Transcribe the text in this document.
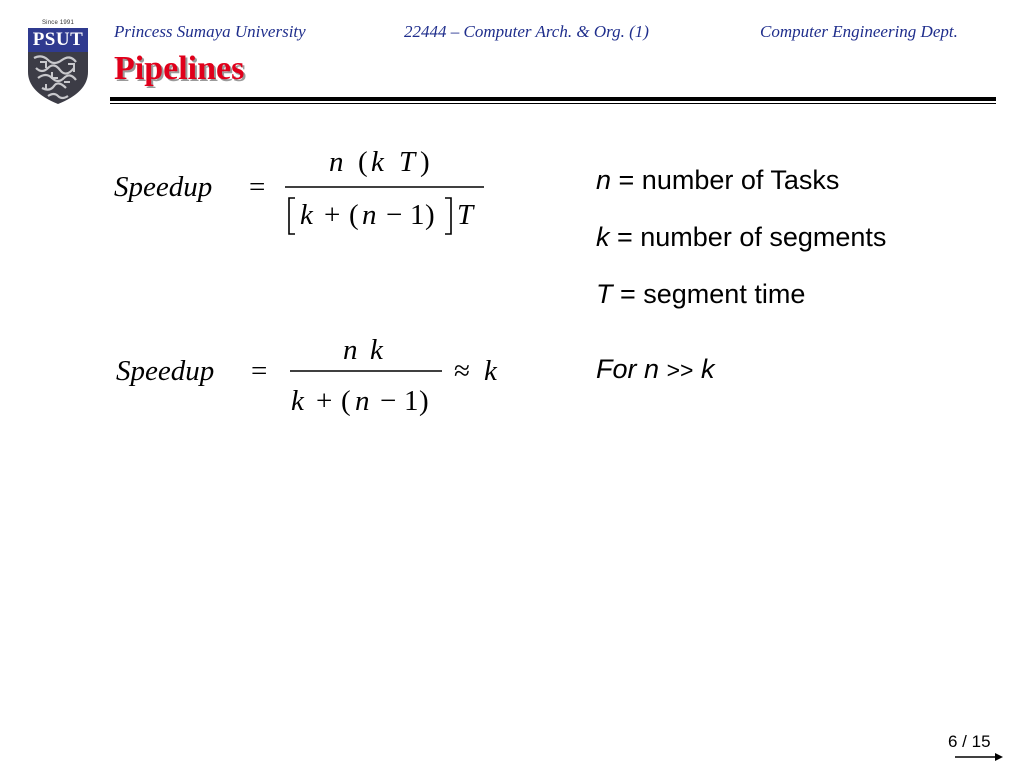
Since 1991
PSUT Princess Sumaya University	22444 – Computer Arch. & Org. (1)	Computer Engineering Dept.
Pipelines
Speedup =
n ( k T )
k + ( n − 1 ) T
Speedup =
n k
k + ( n − 1 )
≈ k
n = number of Tasks
k = number of segments
T = segment time
For n >> k
6 / 15
